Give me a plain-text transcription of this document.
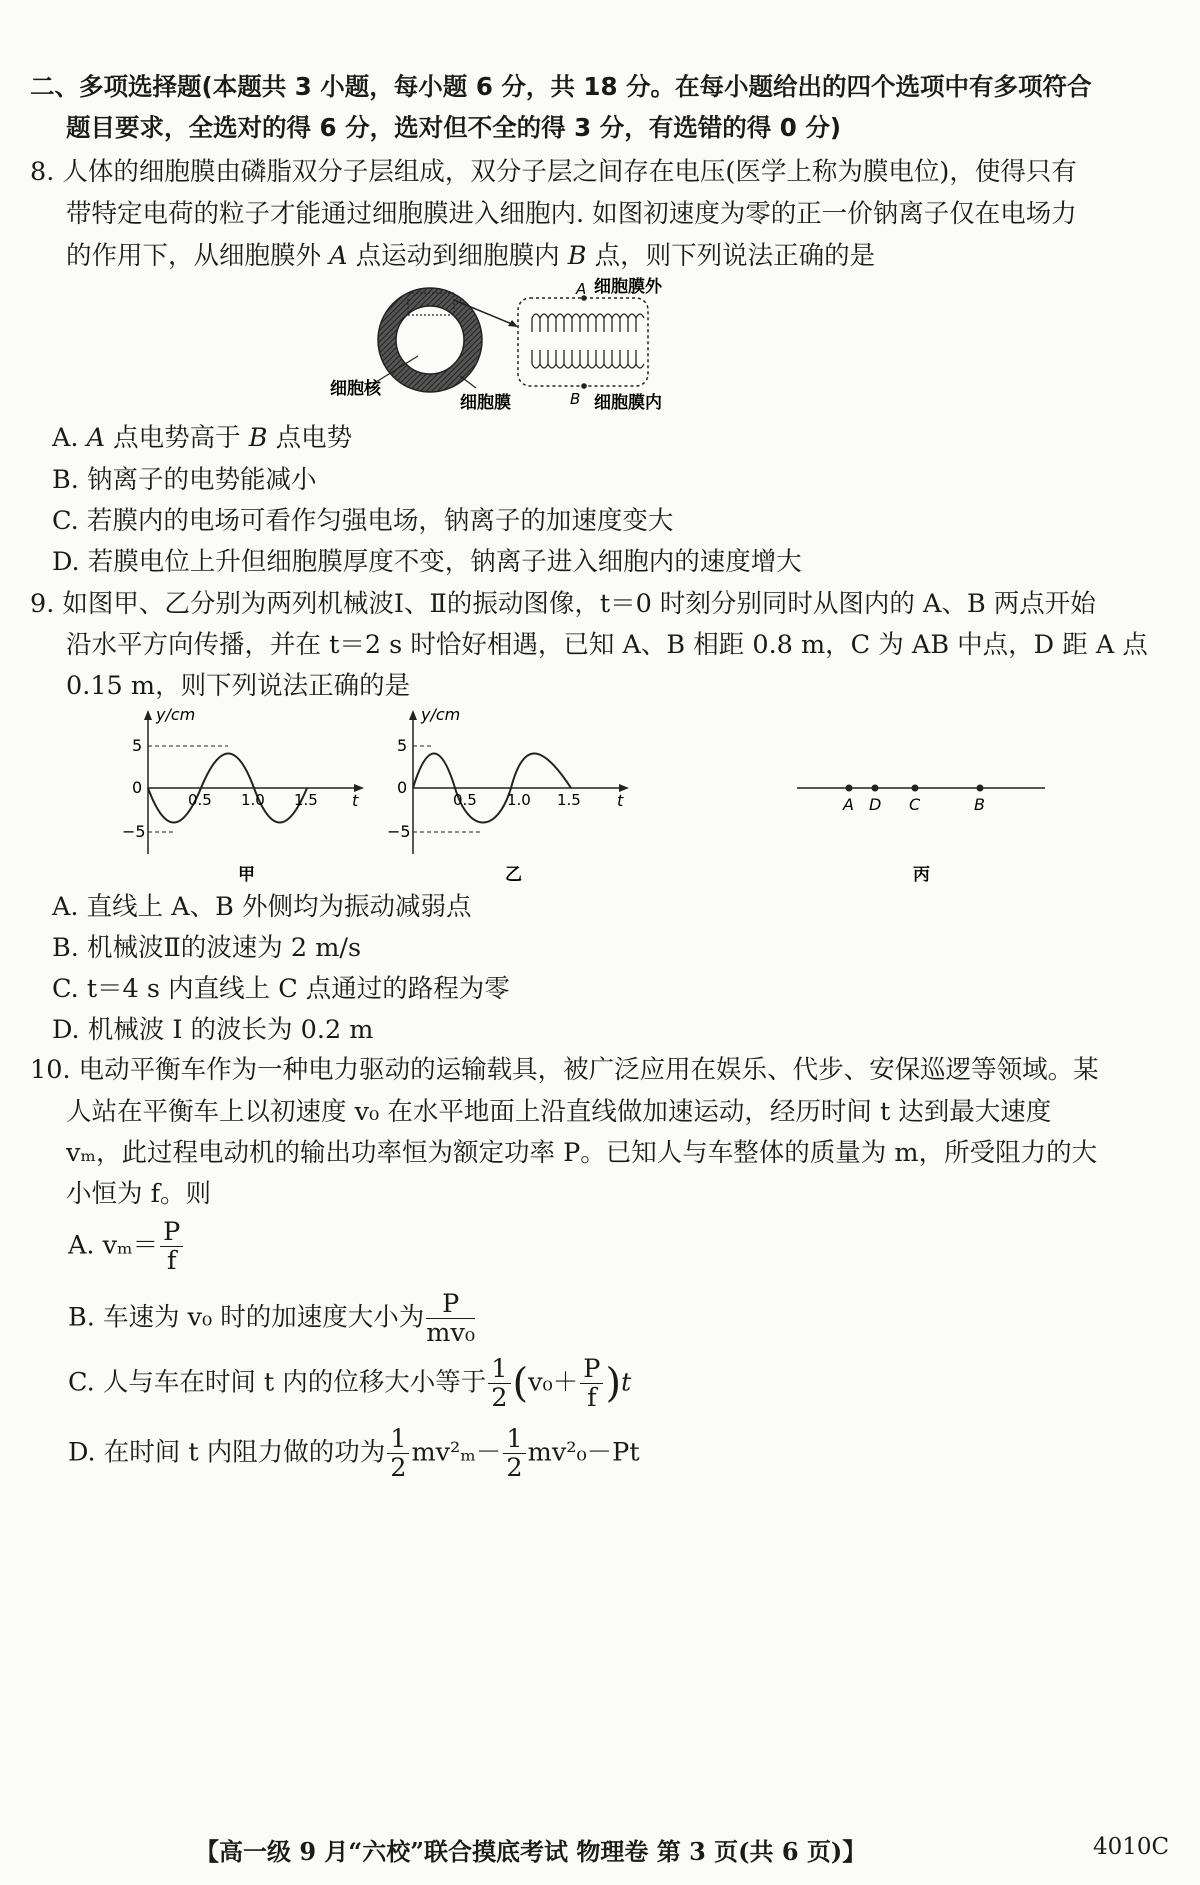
二、多项选择题(本题共 3 小题，每小题 6 分，共 18 分。在每小题给出的四个选项中有多项符合
题目要求，全选对的得 6 分，选对但不全的得 3 分，有选错的得 0 分)
8. 人体的细胞膜由磷脂双分子层组成，双分子层之间存在电压(医学上称为膜电位)，使得只有
带特定电荷的粒子才能通过细胞膜进入细胞内. 如图初速度为零的正一价钠离子仅在电场力
的作用下，从细胞膜外 A 点运动到细胞膜内 B 点，则下列说法正确的是
A 细胞膜外
B 细胞膜内
细胞核
细胞膜
A. A 点电势高于 B 点电势
B. 钠离子的电势能减小
C. 若膜内的电场可看作匀强电场，钠离子的加速度变大
D. 若膜电位上升但细胞膜厚度不变，钠离子进入细胞内的速度增大
9. 如图甲、乙分别为两列机械波Ⅰ、Ⅱ的振动图像，t＝0 时刻分别同时从图内的 A、B 两点开始
沿水平方向传播，并在 t＝2 s 时恰好相遇，已知 A、B 相距 0.8 m，C 为 AB 中点，D 距 A 点
0.15 m，则下列说法正确的是
y/cm
5
0
−5
0.5 1.0 1.5 t
甲
y/cm
5
0
−5
0.5 1.0 1.5 t
乙
A D C	B
丙
A. 直线上 A、B 外侧均为振动减弱点
B. 机械波Ⅱ的波速为 2 m/s
C. t＝4 s 内直线上 C 点通过的路程为零
D. 机械波 I 的波长为 0.2 m
10. 电动平衡车作为一种电力驱动的运输载具，被广泛应用在娱乐、代步、安保巡逻等领域。某
人站在平衡车上以初速度 v₀ 在水平地面上沿直线做加速运动，经历时间 t 达到最大速度
vₘ，此过程电动机的输出功率恒为额定功率 P。已知人与车整体的质量为 m，所受阻力的大
小恒为 f。则
A. $v_m= \frac{P}{f}$
B. 车速为 v₀ 时的加速度大小为 $\frac{P}{\text{mv₀}}$
C. 人与车在时间 t 内的位移大小等于 $\frac{1}{2} (v_0+ \frac{P}{f} )t$
D. 在时间 t 内阻力做的功为 $\frac{1}{2} mv^2_m- \frac{1}{2} mv^2_0-Pt$
【高一级 9 月“六校”联合摸底考试 物理卷 第 3 页(共 6 页)】	4010C
